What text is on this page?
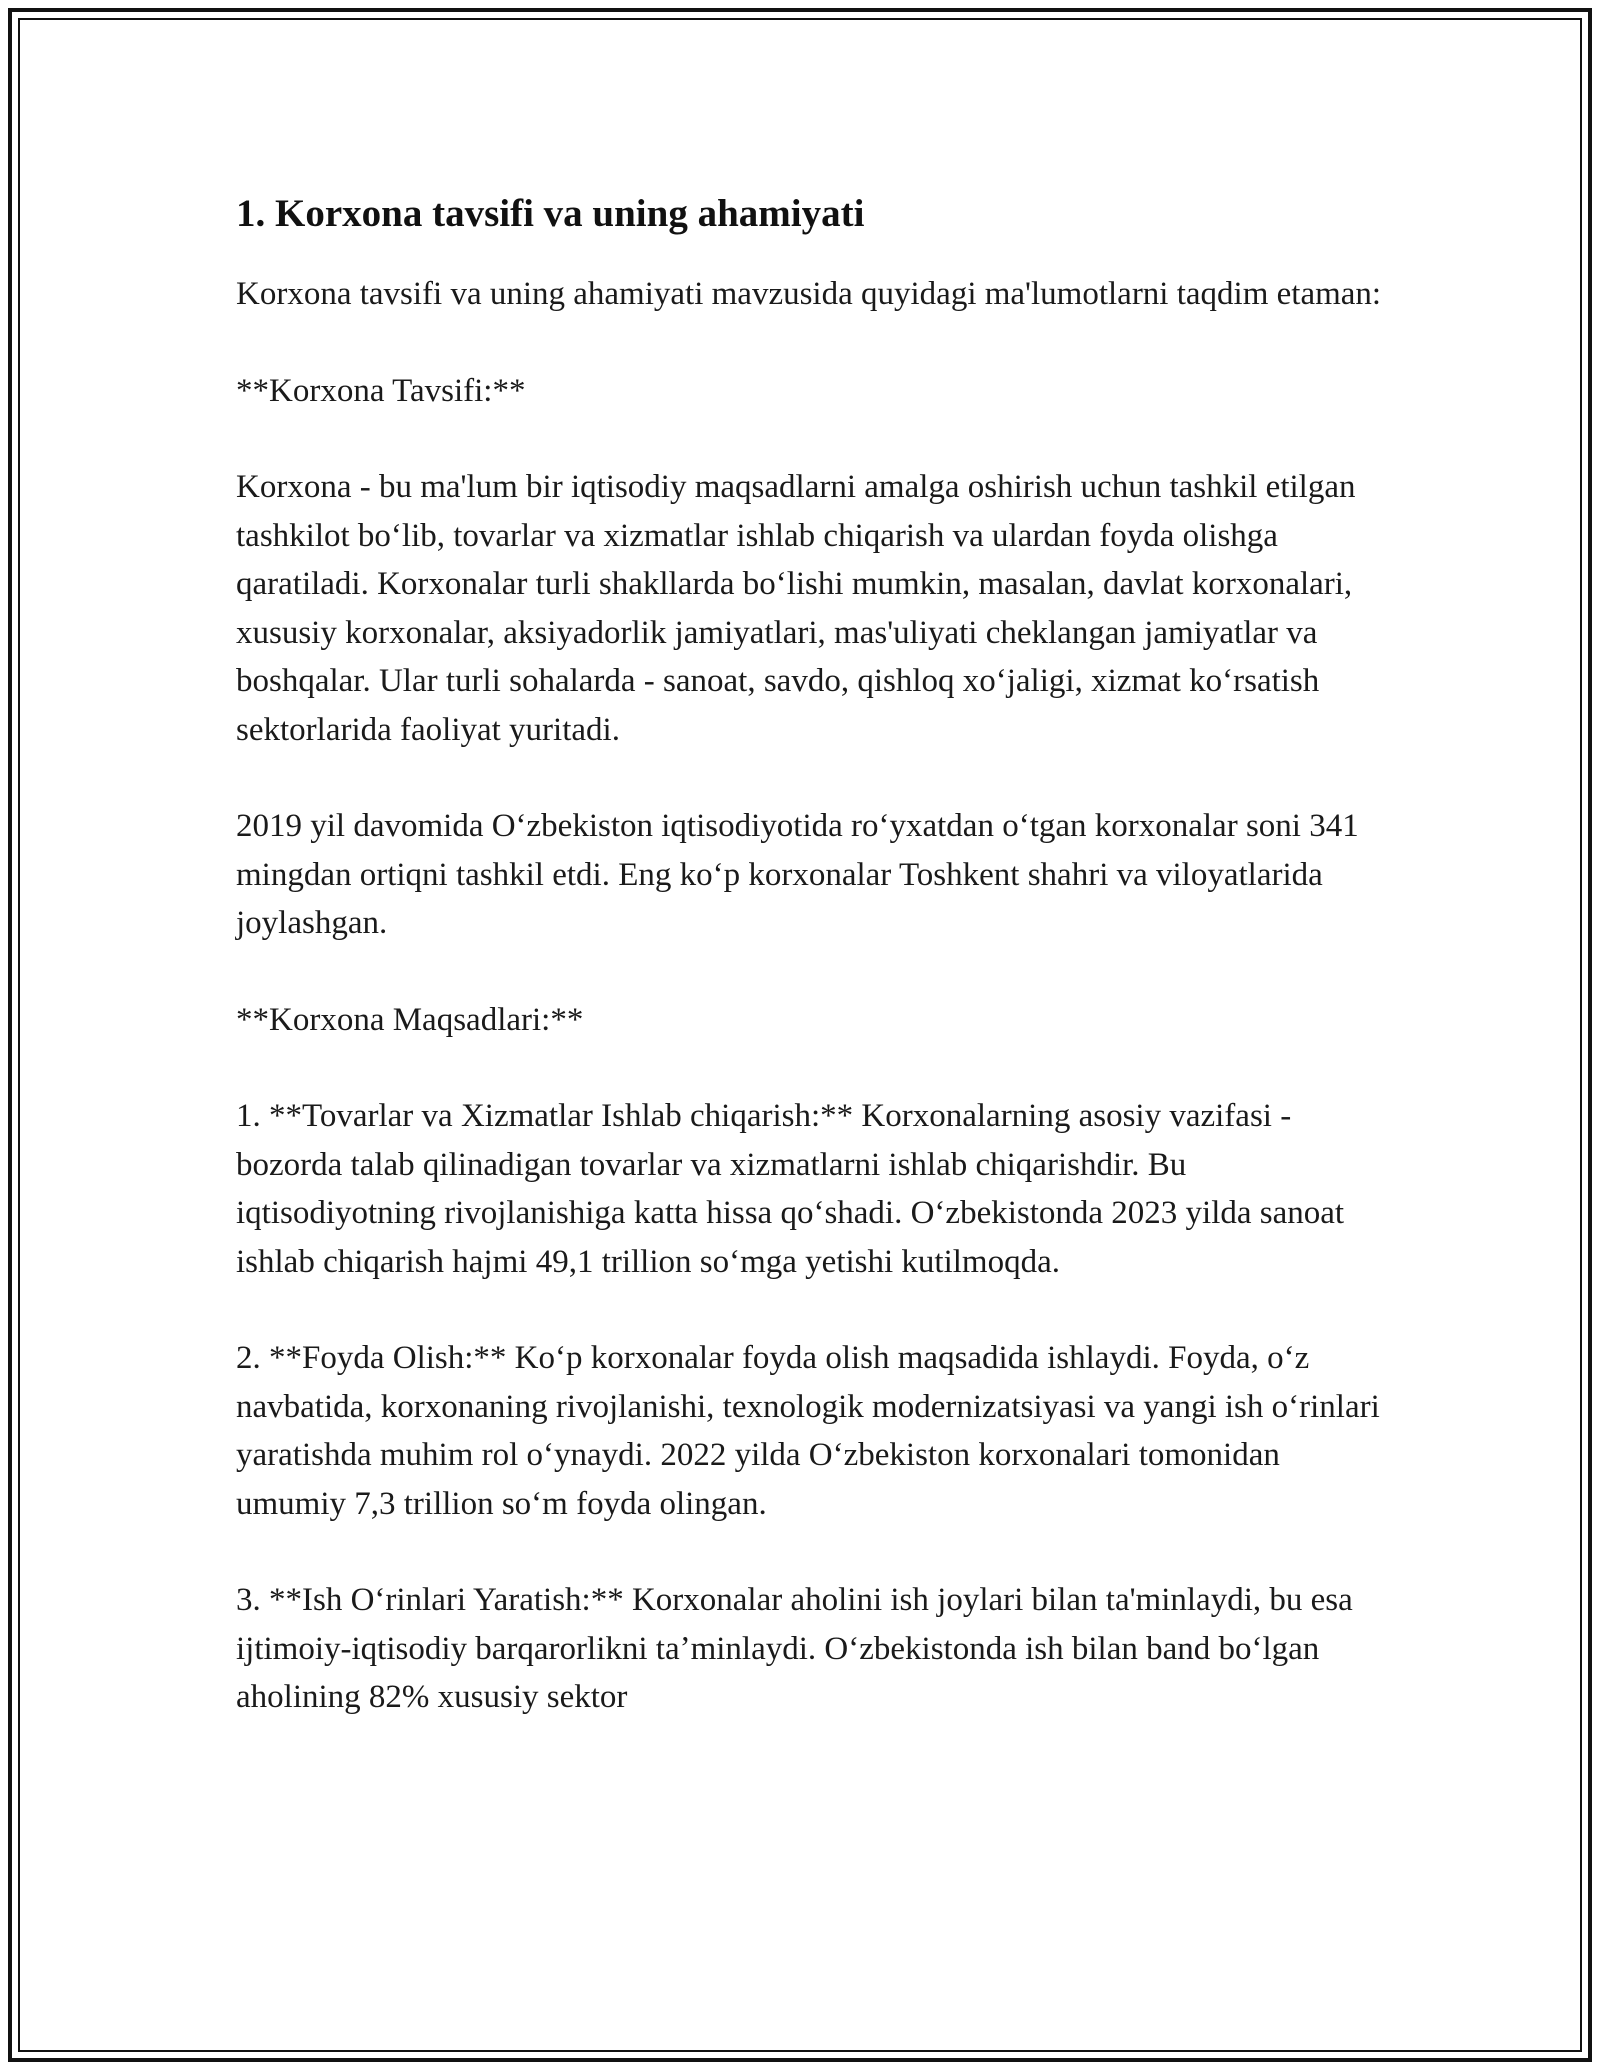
1. Korxona tavsifi va uning ahamiyati

Korxona tavsifi va uning ahamiyati mavzusida quyidagi ma'lumotlarni taqdim etaman:

**Korxona Tavsifi:**

Korxona - bu ma'lum bir iqtisodiy maqsadlarni amalga oshirish uchun tashkil etilgan tashkilot boʻlib, tovarlar va xizmatlar ishlab chiqarish va ulardan foyda olishga qaratiladi. Korxonalar turli shakllarda boʻlishi mumkin, masalan, davlat korxonalari, xususiy korxonalar, aksiyadorlik jamiyatlari, mas'uliyati cheklangan jamiyatlar va boshqalar. Ular turli sohalarda - sanoat, savdo, qishloq xoʻjaligi, xizmat koʻrsatish sektorlarida faoliyat yuritadi.

2019 yil davomida Oʻzbekiston iqtisodiyotida roʻyxatdan oʻtgan korxonalar soni 341 mingdan ortiqni tashkil etdi. Eng koʻp korxonalar Toshkent shahri va viloyatlarida joylashgan.

**Korxona Maqsadlari:**

1. **Tovarlar va Xizmatlar Ishlab chiqarish:** Korxonalarning asosiy vazifasi - bozorda talab qilinadigan tovarlar va xizmatlarni ishlab chiqarishdir. Bu iqtisodiyotning rivojlanishiga katta hissa qoʻshadi. Oʻzbekistonda 2023 yilda sanoat ishlab chiqarish hajmi 49,1 trillion soʻmga yetishi kutilmoqda.

2. **Foyda Olish:** Koʻp korxonalar foyda olish maqsadida ishlaydi. Foyda, oʻz navbatida, korxonaning rivojlanishi, texnologik modernizatsiyasi va yangi ish oʻrinlari yaratishda muhim rol oʻynaydi. 2022 yilda Oʻzbekiston korxonalari tomonidan umumiy 7,3 trillion soʻm foyda olingan.

3. **Ish Oʻrinlari Yaratish:** Korxonalar aholini ish joylari bilan ta'minlaydi, bu esa ijtimoiy-iqtisodiy barqarorlikni taʼminlaydi. Oʻzbekistonda ish bilan band boʻlgan aholining 82% xususiy sektor
